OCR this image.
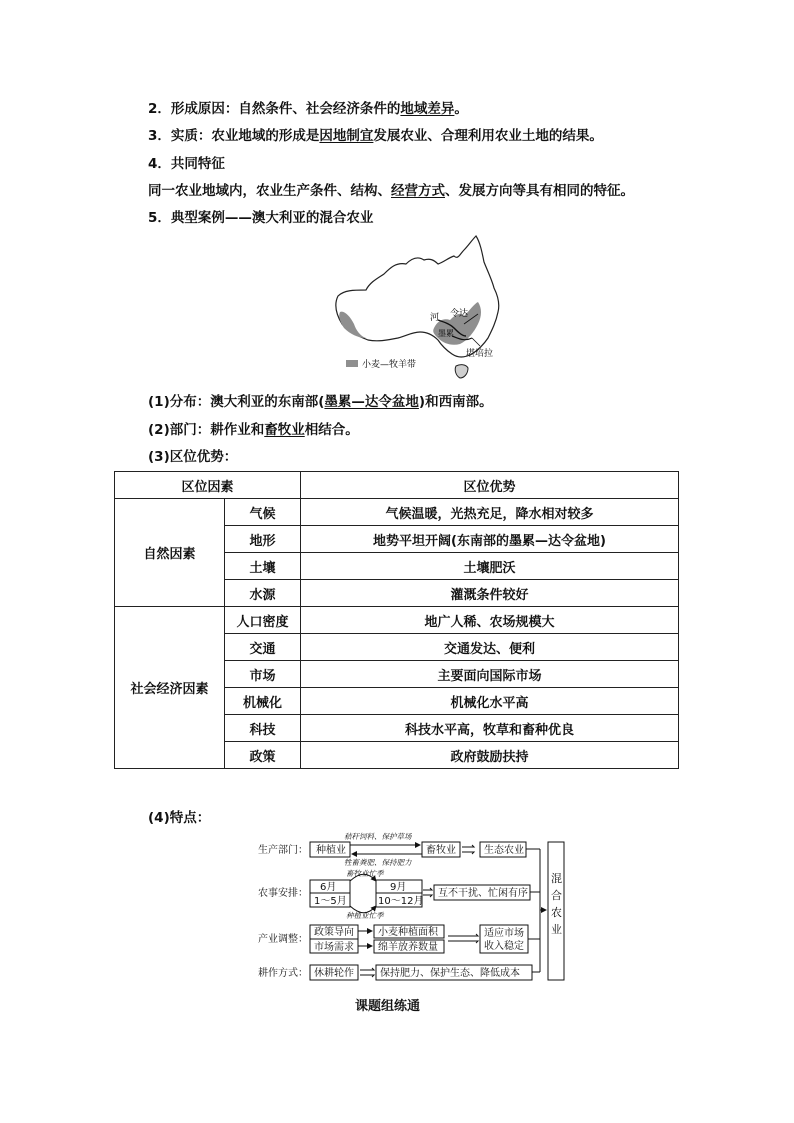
2．形成原因：自然条件、社会经济条件的地域差异。
3．实质：农业地域的形成是因地制宜发展农业、合理利用农业土地的结果。
4．共同特征
同一农业地域内，农业生产条件、结构、经营方式、发展方向等具有相同的特征。
5．典型案例——澳大利亚的混合农业
河 令达
墨累
堪培拉
小麦—牧羊带
(1)分布：澳大利亚的东南部(墨累—达令盆地)和西南部。
(2)部门：耕作业和畜牧业相结合。
(3)区位优势：
区位因素		区位优势
自然因素	气候	气候温暖，光热充足，降水相对较多
	地形	地势平坦开阔(东南部的墨累—达令盆地)
	土壤	土壤肥沃
	水源	灌溉条件较好
社会经济因素	人口密度	地广人稀、农场规模大
	交通	交通发达、便利
	市场	主要面向国际市场
	机械化	机械化水平高
	科技	科技水平高，牧草和畜种优良
	政策	政府鼓励扶持
(4)特点：
生产部门： 种植业	畜牧业	生态农业
农事安排：
6月
1～5月
9月
10～12月
互不干扰、忙闲有序
产业调整：
政策导向
市场需求
小麦种植面积
绵羊放养数量
适应市场
收入稳定
耕作方式： 休耕轮作	保持肥力、保护生态、降低成本
秸秆饲料、保护草场
牲畜粪肥、保持肥力
畜牧业忙季
种植业忙季
混
合
农
业
课题组练通
